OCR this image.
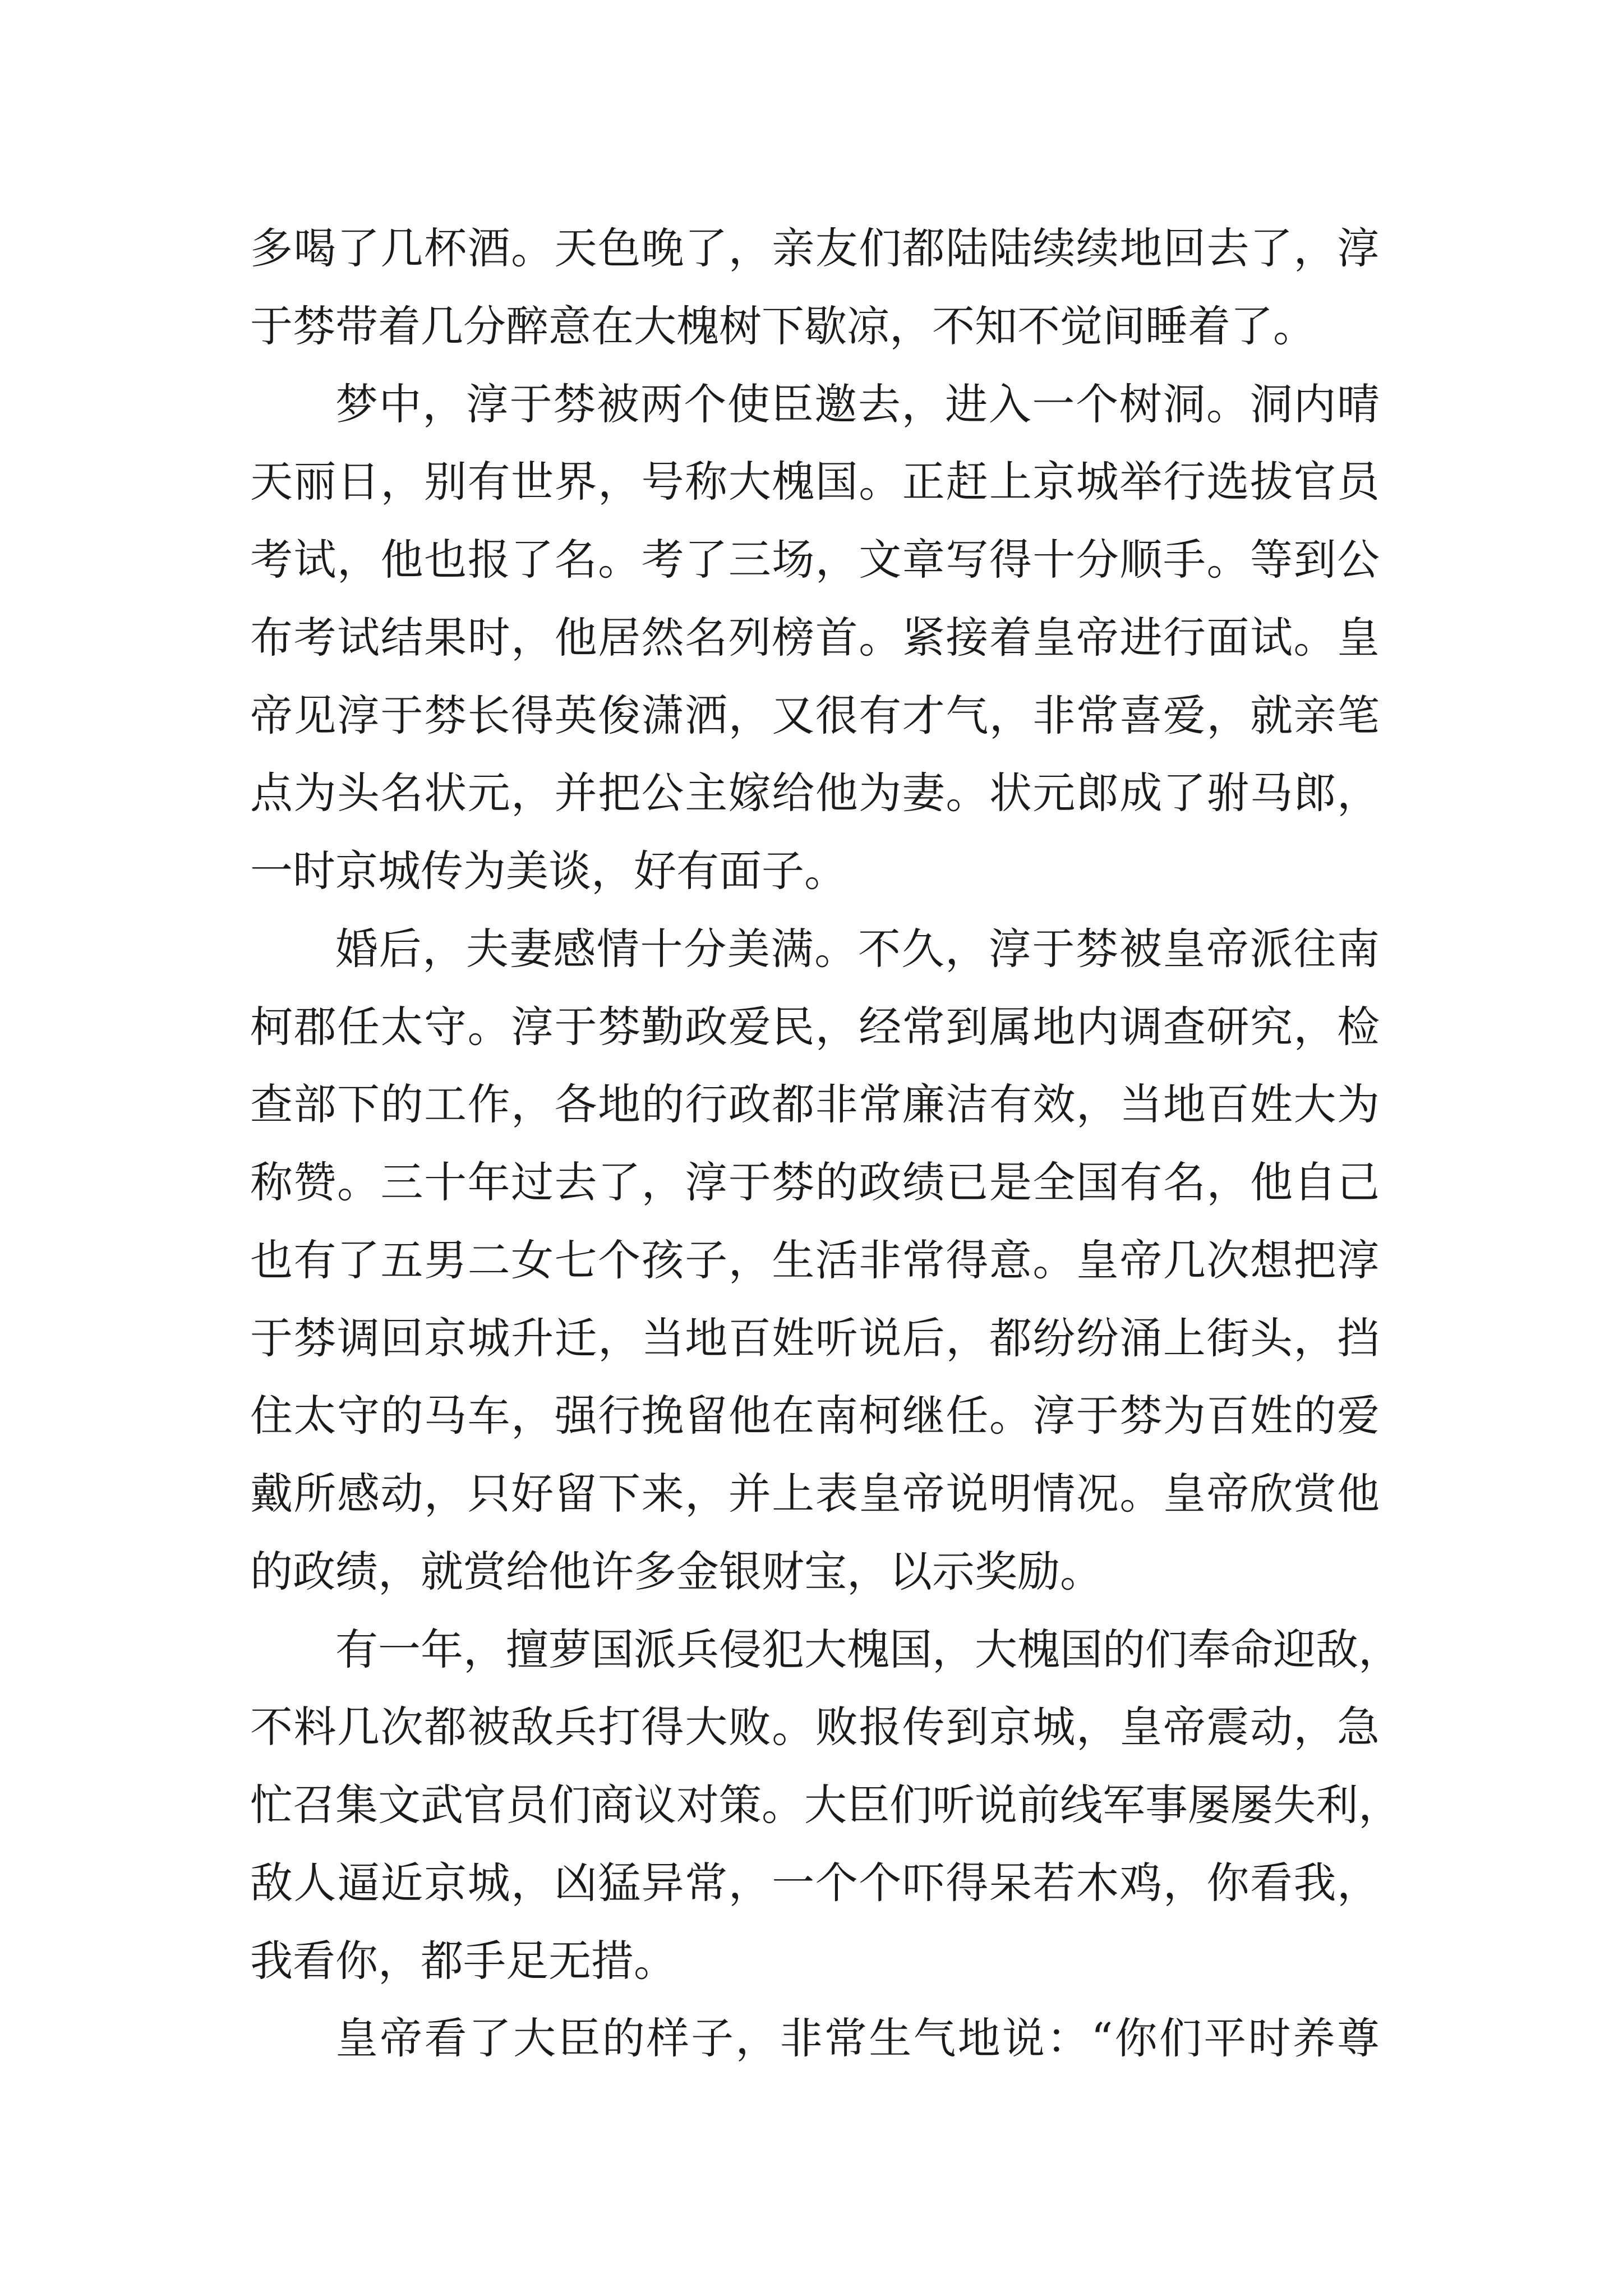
多喝了几杯酒。天色晚了，亲友们都陆陆续续地回去了，淳
于棼带着几分醉意在大槐树下歇凉，不知不觉间睡着了。
梦中，淳于棼被两个使臣邀去，进入一个树洞。洞内晴
天丽日，别有世界，号称大槐国。正赶上京城举行选拔官员
考试，他也报了名。考了三场，文章写得十分顺手。等到公
布考试结果时，他居然名列榜首。紧接着皇帝进行面试。皇
帝见淳于棼长得英俊潇洒，又很有才气，非常喜爱，就亲笔
点为头名状元，并把公主嫁给他为妻。状元郎成了驸马郎，
一时京城传为美谈，好有面子。
婚后，夫妻感情十分美满。不久，淳于棼被皇帝派往南
柯郡任太守。淳于棼勤政爱民，经常到属地内调查研究，检
查部下的工作，各地的行政都非常廉洁有效，当地百姓大为
称赞。三十年过去了，淳于棼的政绩已是全国有名，他自己
也有了五男二女七个孩子，生活非常得意。皇帝几次想把淳
于棼调回京城升迁，当地百姓听说后，都纷纷涌上街头，挡
住太守的马车，强行挽留他在南柯继任。淳于棼为百姓的爱
戴所感动，只好留下来，并上表皇帝说明情况。皇帝欣赏他
的政绩，就赏给他许多金银财宝，以示奖励。
有一年，擅萝国派兵侵犯大槐国，大槐国的们奉命迎敌，
不料几次都被敌兵打得大败。败报传到京城，皇帝震动，急
忙召集文武官员们商议对策。大臣们听说前线军事屡屡失利，
敌人逼近京城，凶猛异常，一个个吓得呆若木鸡，你看我，
我看你，都手足无措。
皇帝看了大臣的样子，非常生气地说：“你们平时养尊
